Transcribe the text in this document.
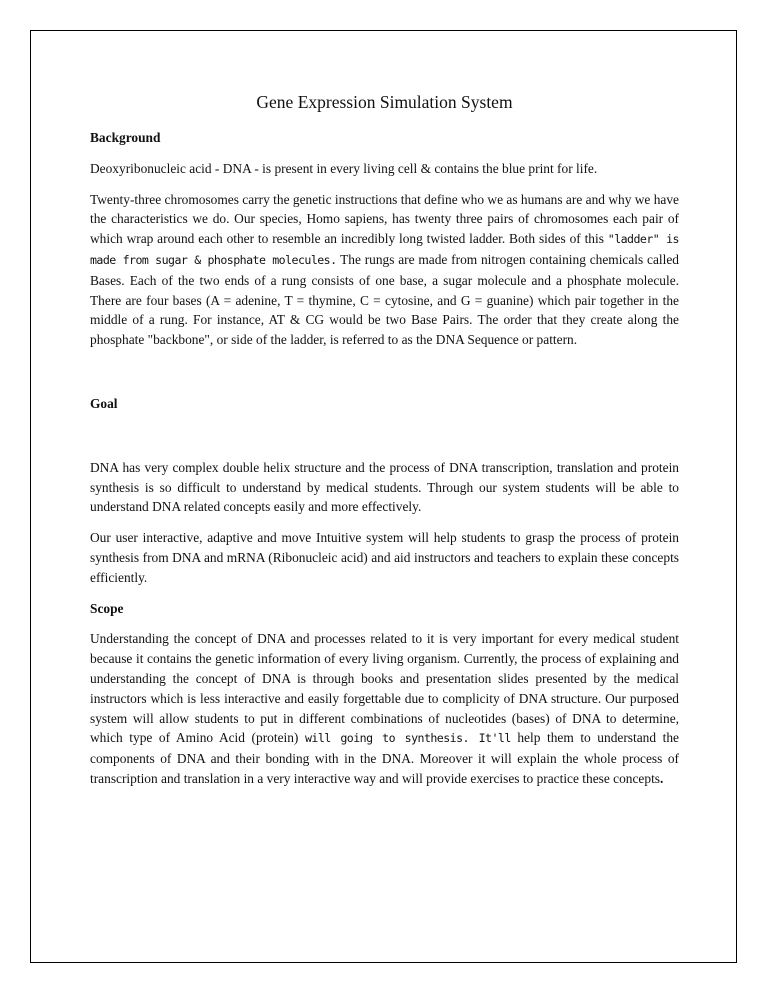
Gene Expression Simulation System
Background

Deoxyribonucleic acid - DNA - is present in every living cell & contains the blue print for life.

Twenty-three chromosomes carry the genetic instructions that define who we as humans are and why we have the characteristics we do. Our species, Homo sapiens, has twenty three pairs of chromosomes each pair of which wrap around each other to resemble an incredibly long twisted ladder. Both sides of this "ladder" is made from sugar & phosphate molecules. The rungs are made from nitrogen containing chemicals called Bases. Each of the two ends of a rung consists of one base, a sugar molecule and a phosphate molecule. There are four bases (A = adenine, T = thymine, C = cytosine, and G = guanine) which pair together in the middle of a rung. For instance, AT & CG would be two Base Pairs. The order that they create along the phosphate "backbone", or side of the ladder, is referred to as the DNA Sequence or pattern.

Goal

DNA has very complex double helix structure and the process of DNA transcription, translation and protein synthesis is so difficult to understand by medical students. Through our system students will be able to understand DNA related concepts easily and more effectively.

Our user interactive, adaptive and move Intuitive system will help students to grasp the process of protein synthesis from DNA and mRNA (Ribonucleic acid) and aid instructors and teachers to explain these concepts efficiently.

Scope

Understanding the concept of DNA and processes related to it is very important for every medical student because it contains the genetic information of every living organism. Currently, the process of explaining and understanding the concept of DNA is through books and presentation slides presented by the medical instructors which is less interactive and easily forgettable due to complicity of DNA structure. Our purposed system will allow students to put in different combinations of nucleotides (bases) of DNA to determine, which type of Amino Acid (protein) will going to synthesis. It'll help them to understand the components of DNA and their bonding with in the DNA. Moreover it will explain the whole process of transcription and translation in a very interactive way and will provide exercises to practice these concepts.
